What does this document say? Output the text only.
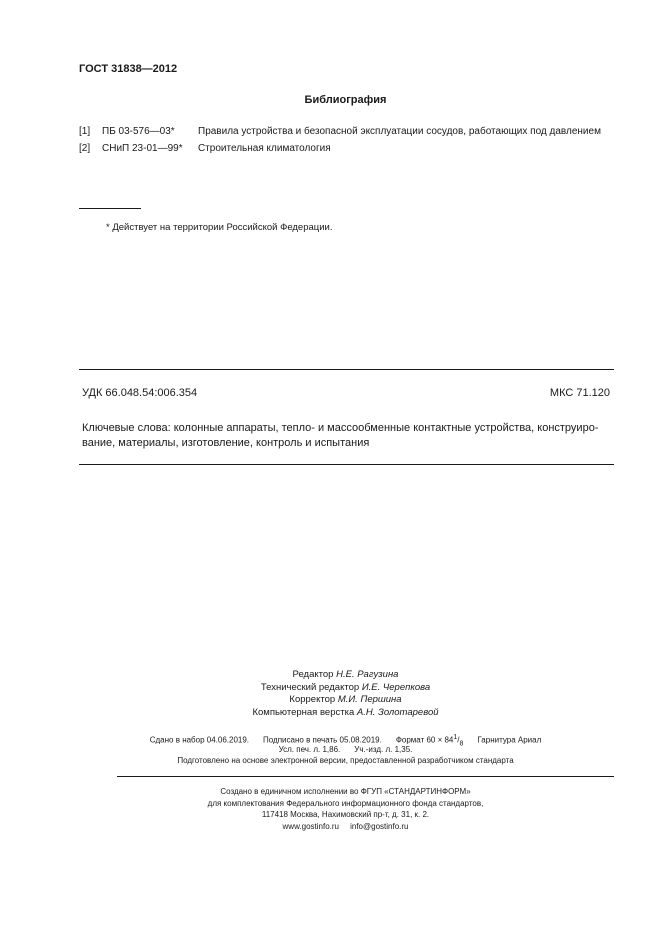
ГОСТ 31838—2012
Библиография
[1] ПБ 03-576—03* Правила устройства и безопасной эксплуатации сосудов, работающих под давлением
[2] СНиП 23-01—99* Строительная климатология
* Действует на территории Российской Федерации.
УДК 66.048.54:006.354	МКС 71.120
Ключевые слова: колонные аппараты, тепло- и массообменные контактные устройства, конструиро-вание, материалы, изготовление, контроль и испытания
Редактор Н.Е. Рагузина
Технический редактор И.Е. Черепкова
Корректор М.И. Першина
Компьютерная верстка А.Н. Золотаревой
Сдано в набор 04.06.2019. Подписано в печать 05.08.2019. Формат $60 \times 84^1/_8$ Гарнитура Ариал
Усл. печ. л. 1,86. Уч.-изд. л. 1,35.
Подготовлено на основе электронной версии, предоставленной разработчиком стандарта
Создано в единичном исполнении во ФГУП «СТАНДАРТИНФОРМ»
для комплектования Федерального информационного фонда стандартов,
117418 Москва, Нахимовский пр-т, д. 31, к. 2.
www.gostinfo.ru     info@gostinfo.ru
